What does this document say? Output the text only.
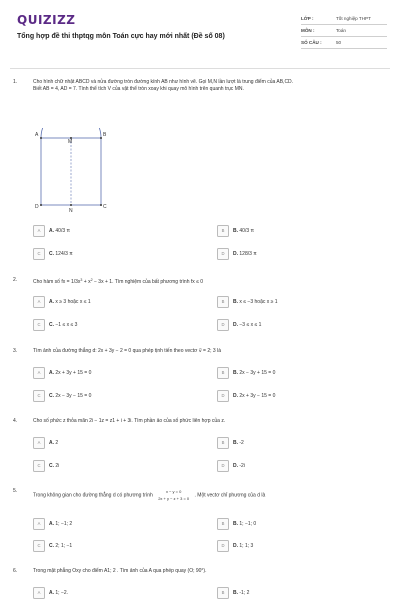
QUIZIZZ
Tổng hợp đề thi thptqg môn Toán cực hay mới nhất (Đề số 08)
LỚP :	Tốt nghiệp THPT
MÔN :	Toán
SỐ CÂU :	50
1.	Cho hình chữ nhật ABCD và nửa đường tròn đường kính AB như hình vẽ. Gọi M,N lần lượt là trung điểm của AB,CD.
Biết AB = 4, AD = 7. Tính thể tích V của vật thể tròn xoay khi quay mô hình trên quanh trục MN.
A	B
M
D	C
N
A	A. 40/3 π	B	B. 40/3 π
C	C. 124/3 π	D	D. 128/3 π
2.	Cho hàm số fx = $1/3x^3 + x^2 - 3x + 1$. Tìm nghiệm của bất phương trình fx ≤ 0
A	A. x ≥ 3 hoặc x ≤ 1	B	B. x ≤ −3 hoặc x ≥ 1
C	C. −1 ≤ x ≤ 3	D	D. −3 ≤ x ≤ 1
3.	Tìm ảnh của đường thẳng d: 2x + 3y − 2 = 0 qua phép tịnh tiến theo vectơ v⃗ = 2; 3 là
A	A. 2x + 3y + 15 = 0	B	B. 2x − 3y + 15 = 0
C	C. 2x − 3y − 15 = 0	D	D. 2x + 3y − 15 = 0
4.	Cho số phức z thỏa mãn 2i − 1z = z1 + i + 3i. Tìm phần ảo của số phức liên hợp của z.
A	A. 2	B	B. -2
C	C. 2i	D	D. -2i
5.
Trong không gian cho đường thẳng d có phương trình x − y = 0
2x + y − z + 3 = 0 . Một vectơ chỉ phương của d là
A	A. 1; −1; 2	B	B. 1; −1; 0
C	C. 2; 1; −1	D	D. 1; 1; 3
6.	Trong mặt phẳng Oxy cho điểm A1; 2 . Tìm ảnh của A qua phép quay (O; 90°).
A	A. 1; −2.	B	B. -1; 2
